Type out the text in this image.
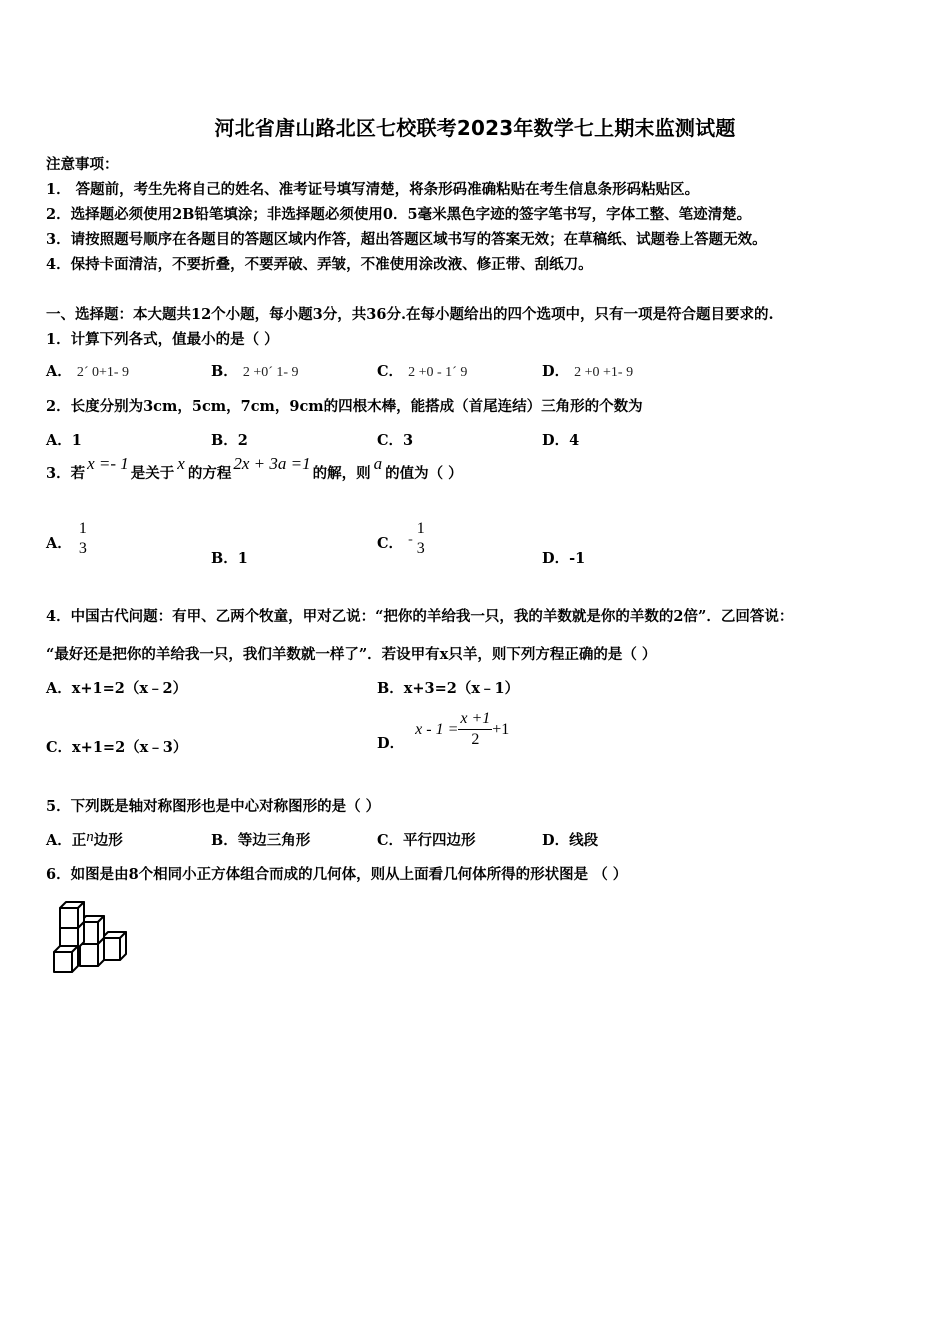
河北省唐山路北区七校联考2023年数学七上期末监测试题
注意事项：
1． 答题前，考生先将自己的姓名、准考证号填写清楚，将条形码准确粘贴在考生信息条形码粘贴区。
2．选择题必须使用2B铅笔填涂；非选择题必须使用0．5毫米黑色字迹的签字笔书写，字体工整、笔迹清楚。
3．请按照题号顺序在各题目的答题区域内作答，超出答题区域书写的答案无效；在草稿纸、试题卷上答题无效。
4．保持卡面清洁，不要折叠，不要弄破、弄皱，不准使用涂改液、修正带、刮纸刀。
一、选择题：本大题共12个小题，每小题3分，共36分.在每小题给出的四个选项中，只有一项是符合题目要求的.
1．计算下列各式，值最小的是（ ）
A． 2´ 0+1- 9	B． 2 +0´ 1- 9	C． 2 +0 - 1´ 9	D． 2 +0 +1- 9
2．长度分别为3cm，5cm，7cm，9cm的四根木棒，能搭成（首尾连结）三角形的个数为
A．1	B．2	C．3	D．4
3．若x =- 1是关于x的方程2x + 3a =1的解，则a的值为（ ）
A．
1
3
B．1
C． -
1
3
D．-1
4．中国古代问题：有甲、乙两个牧童，甲对乙说：“把你的羊给我一只，我的羊数就是你的羊数的2倍”．乙回答说：
“最好还是把你的羊给我一只，我们羊数就一样了”．若设甲有x只羊，则下列方程正确的是（ ）
A．x+1=2（x﹣2）	B．x+3=2（x﹣1）
C．x+1=2（x﹣3）	D． $x - 1 = \frac{x +1}{2} +1$
5．下列既是轴对称图形也是中心对称图形的是（ ）
A．正n边形	B．等边三角形	C．平行四边形	D．线段
6．如图是由8个相同小正方体组合而成的几何体，则从上面看几何体所得的形状图是 （ ）
